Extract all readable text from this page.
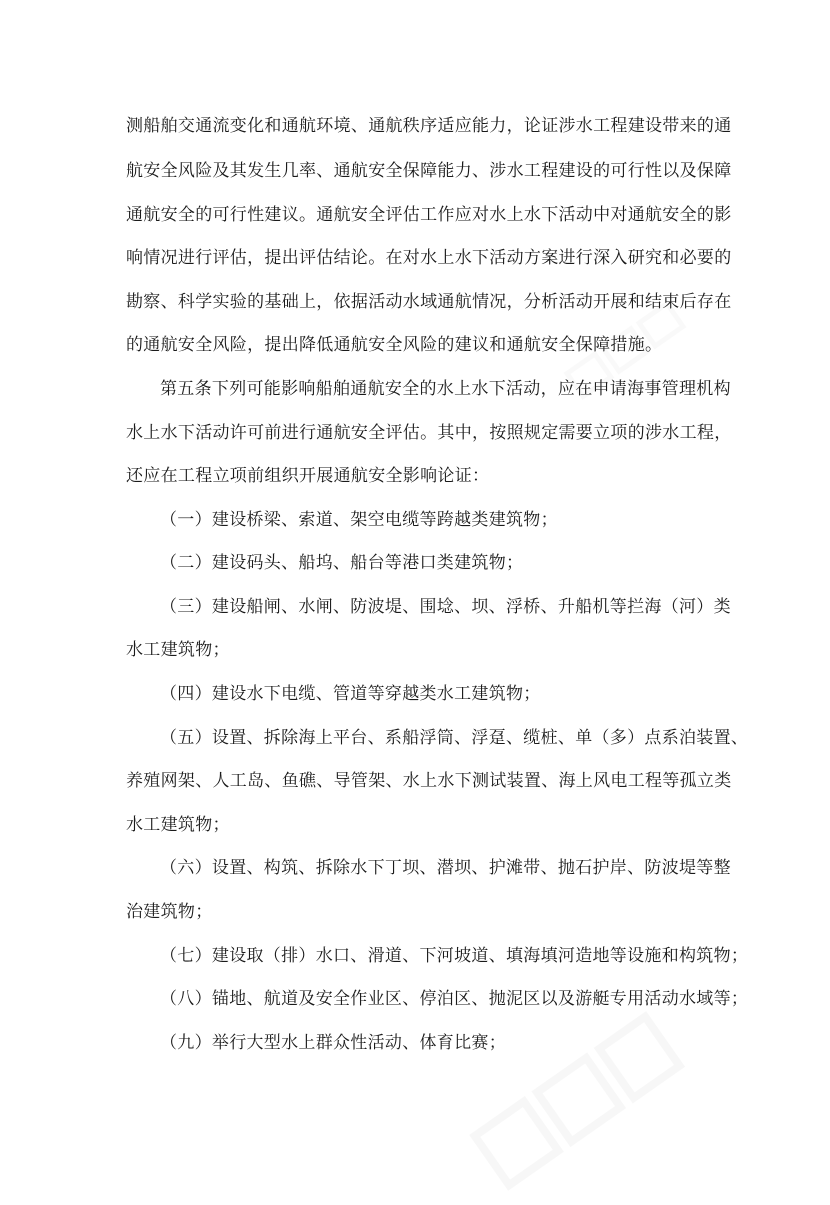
测船舶交通流变化和通航环境、通航秩序适应能力，论证涉水工程建设带来的通
航安全风险及其发生几率、通航安全保障能力、涉水工程建设的可行性以及保障
通航安全的可行性建议。通航安全评估工作应对水上水下活动中对通航安全的影
响情况进行评估，提出评估结论。在对水上水下活动方案进行深入研究和必要的
勘察、科学实验的基础上，依据活动水域通航情况，分析活动开展和结束后存在
的通航安全风险，提出降低通航安全风险的建议和通航安全保障措施。
第五条下列可能影响船舶通航安全的水上水下活动，应在申请海事管理机构
水上水下活动许可前进行通航安全评估。其中，按照规定需要立项的涉水工程，
还应在工程立项前组织开展通航安全影响论证：
（一）建设桥梁、索道、架空电缆等跨越类建筑物；
（二）建设码头、船坞、船台等港口类建筑物；
（三）建设船闸、水闸、防波堤、围埝、坝、浮桥、升船机等拦海（河）类
水工建筑物；
（四）建设水下电缆、管道等穿越类水工建筑物；
（五）设置、拆除海上平台、系船浮筒、浮趸、缆桩、单（多）点系泊装置、
养殖网架、人工岛、鱼礁、导管架、水上水下测试装置、海上风电工程等孤立类
水工建筑物；
（六）设置、构筑、拆除水下丁坝、潜坝、护滩带、抛石护岸、防波堤等整
治建筑物；
（七）建设取（排）水口、滑道、下河坡道、填海填河造地等设施和构筑物；
（八）锚地、航道及安全作业区、停泊区、抛泥区以及游艇专用活动水域等；
（九）举行大型水上群众性活动、体育比赛；
